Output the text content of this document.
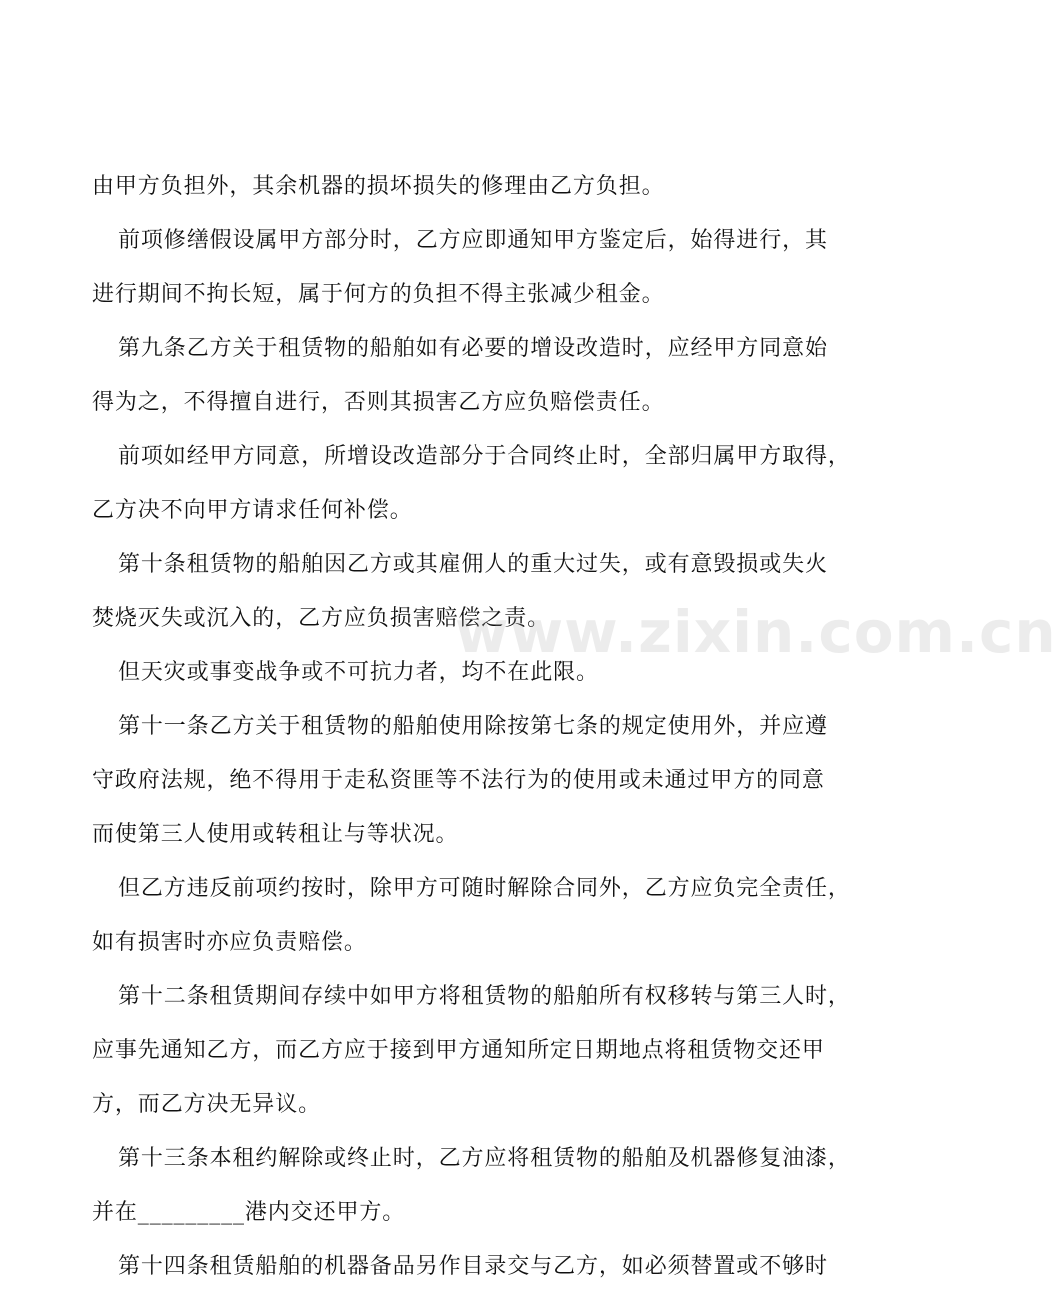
由甲方负担外，其余机器的损坏损失的修理由乙方负担。
前项修缮假设属甲方部分时，乙方应即通知甲方鉴定后，始得进行，其
进行期间不拘长短，属于何方的负担不得主张减少租金。
第九条乙方关于租赁物的船舶如有必要的增设改造时，应经甲方同意始
得为之，不得擅自进行，否则其损害乙方应负赔偿责任。
前项如经甲方同意，所增设改造部分于合同终止时，全部归属甲方取得，
乙方决不向甲方请求任何补偿。
第十条租赁物的船舶因乙方或其雇佣人的重大过失，或有意毁损或失火
焚烧灭失或沉入的，乙方应负损害赔偿之责。
但天灾或事变战争或不可抗力者，均不在此限。
第十一条乙方关于租赁物的船舶使用除按第七条的规定使用外，并应遵
守政府法规，绝不得用于走私资匪等不法行为的使用或未通过甲方的同意
而使第三人使用或转租让与等状况。
但乙方违反前项约按时，除甲方可随时解除合同外，乙方应负完全责任，
如有损害时亦应负责赔偿。
第十二条租赁期间存续中如甲方将租赁物的船舶所有权移转与第三人时，
应事先通知乙方，而乙方应于接到甲方通知所定日期地点将租赁物交还甲
方，而乙方决无异议。
第十三条本租约解除或终止时，乙方应将租赁物的船舶及机器修复油漆，
并在_________港内交还甲方。
第十四条租赁船舶的机器备品另作目录交与乙方，如必须替置或不够时
www.zixin.com.cn
